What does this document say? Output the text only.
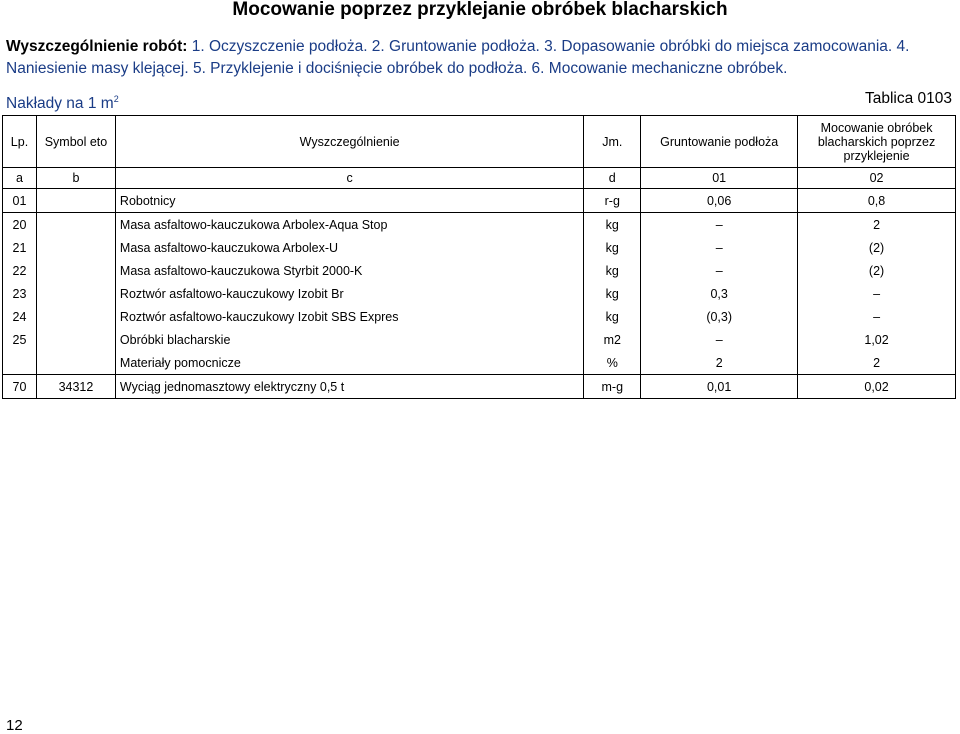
Mocowanie poprzez przyklejanie obróbek blacharskich
Wyszczególnienie robót: 1. Oczyszczenie podłoża. 2. Gruntowanie podłoża. 3. Dopasowanie obróbki do miejsca zamocowania. 4. Naniesienie masy klejącej. 5. Przyklejenie i dociśnięcie obróbek do podłoża. 6. Mocowanie mechaniczne obróbek.
Nakłady na 1 $m^2$	Tablica 0103
Lp.	Symbol eto	Wyszczególnienie	Jm.	Gruntowanie podłoża	Mocowanie obróbek blacharskich poprzez przyklejenie
a	b	c	d	01	02
01		Robotnicy	r-g	0,06	0,8
20		Masa asfaltowo-kauczukowa Arbolex-Aqua Stop	kg	–	2
21		Masa asfaltowo-kauczukowa Arbolex-U	kg	–	(2)
22		Masa asfaltowo-kauczukowa Styrbit 2000-K	kg	–	(2)
23		Roztwór asfaltowo-kauczukowy Izobit Br	kg	0,3	–
24		Roztwór asfaltowo-kauczukowy Izobit SBS Expres	kg	(0,3)	–
25		Obróbki blacharskie	m2	–	1,02
		Materiały pomocnicze	%	2	2
70	34312	Wyciąg jednomasztowy elektryczny 0,5 t	m-g	0,01	0,02
12
